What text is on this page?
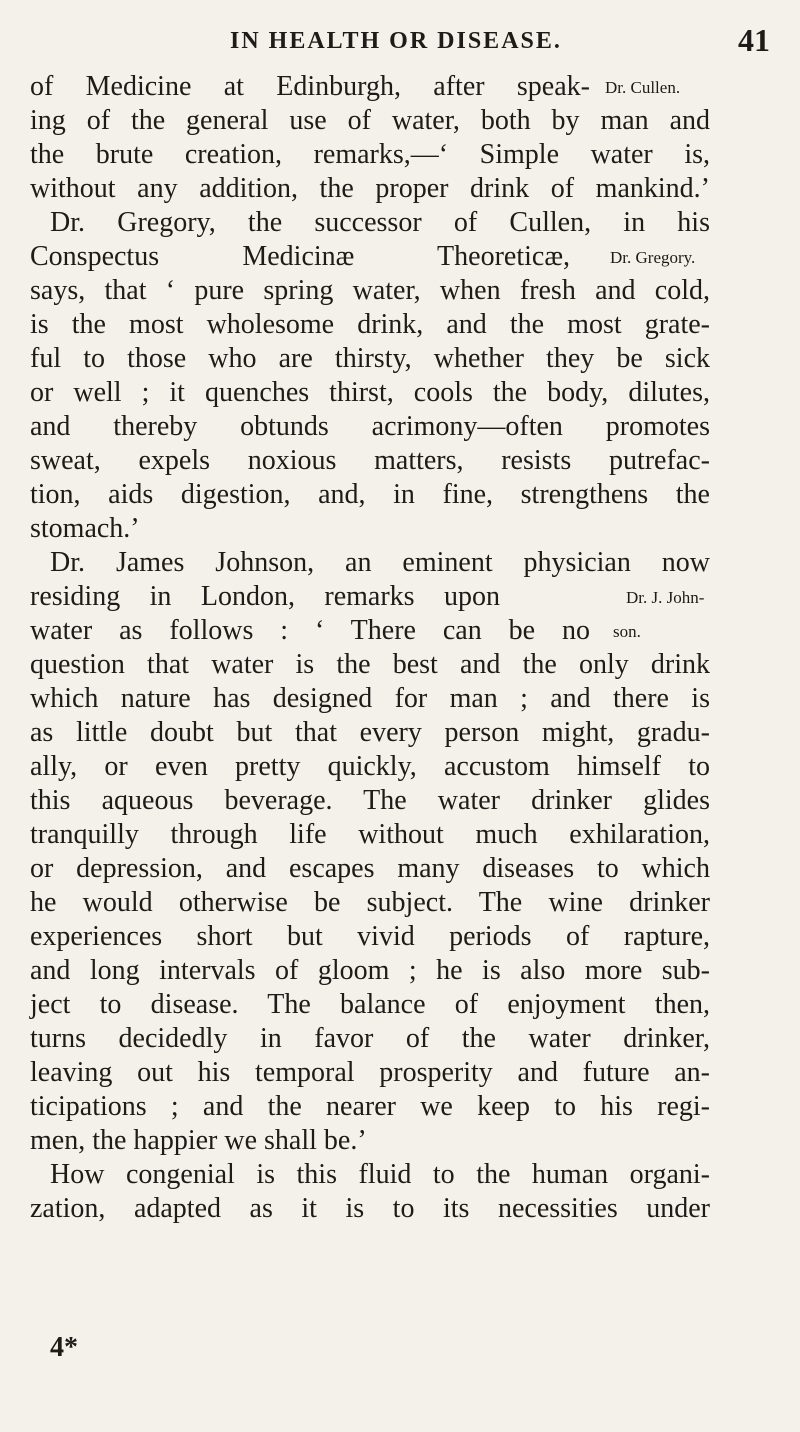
IN HEALTH OR DISEASE.	41
of Medicine at Edinburgh, after speak- Dr. Cullen.
ing of the general use of water, both by man and
the brute creation, remarks,—‘ Simple water is,
without any addition, the proper drink of mankind.’
Dr. Gregory, the successor of Cullen, in his
Conspectus Medicinæ Theoreticæ, Dr. Gregory.
says, that ‘ pure spring water, when fresh and cold,
is the most wholesome drink, and the most grate-
ful to those who are thirsty, whether they be sick
or well ; it quenches thirst, cools the body, dilutes,
and thereby obtunds acrimony—often promotes
sweat, expels noxious matters, resists putrefac-
tion, aids digestion, and, in fine, strengthens the
stomach.’
Dr. James Johnson, an eminent physician now
residing in London, remarks upon	Dr. J. John-
water as follows : ‘ There can be no son.
question that water is the best and the only drink
which nature has designed for man ; and there is
as little doubt but that every person might, gradu-
ally, or even pretty quickly, accustom himself to
this aqueous beverage. The water drinker glides
tranquilly through life without much exhilaration,
or depression, and escapes many diseases to which
he would otherwise be subject. The wine drinker
experiences short but vivid periods of rapture,
and long intervals of gloom ; he is also more sub-
ject to disease. The balance of enjoyment then,
turns decidedly in favor of the water drinker,
leaving out his temporal prosperity and future an-
ticipations ; and the nearer we keep to his regi-
men, the happier we shall be.’
How congenial is this fluid to the human organi-
zation, adapted as it is to its necessities under
4*
